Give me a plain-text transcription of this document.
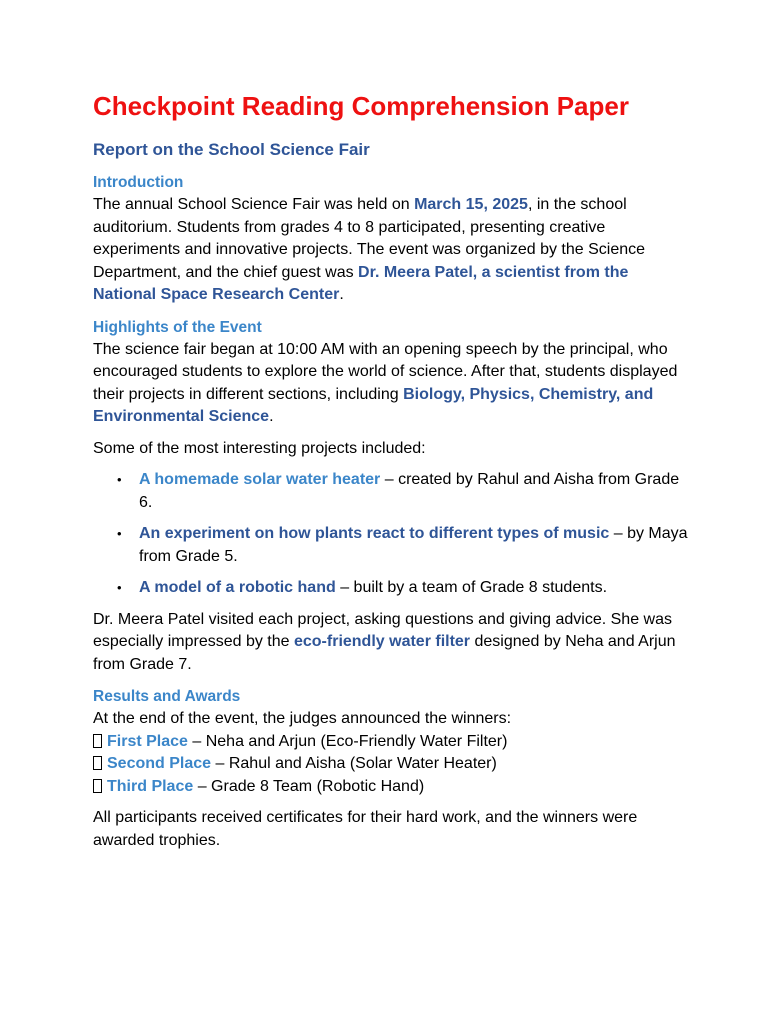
Checkpoint Reading Comprehension Paper
Report on the School Science Fair
Introduction

The annual School Science Fair was held on March 15, 2025, in the school auditorium. Students from grades 4 to 8 participated, presenting creative experiments and innovative projects. The event was organized by the Science Department, and the chief guest was Dr. Meera Patel, a scientist from the National Space Research Center.

Highlights of the Event

The science fair began at 10:00 AM with an opening speech by the principal, who encouraged students to explore the world of science. After that, students displayed their projects in different sections, including Biology, Physics, Chemistry, and Environmental Science.

Some of the most interesting projects included:

• A homemade solar water heater – created by Rahul and Aisha from Grade 6.
• An experiment on how plants react to different types of music – by Maya from Grade 5.
• A model of a robotic hand – built by a team of Grade 8 students.

Dr. Meera Patel visited each project, asking questions and giving advice. She was especially impressed by the eco-friendly water filter designed by Neha and Arjun from Grade 7.

Results and Awards

At the end of the event, the judges announced the winners:

First Place – Neha and Arjun (Eco-Friendly Water Filter)
Second Place – Rahul and Aisha (Solar Water Heater)
Third Place – Grade 8 Team (Robotic Hand)

All participants received certificates for their hard work, and the winners were awarded trophies.
